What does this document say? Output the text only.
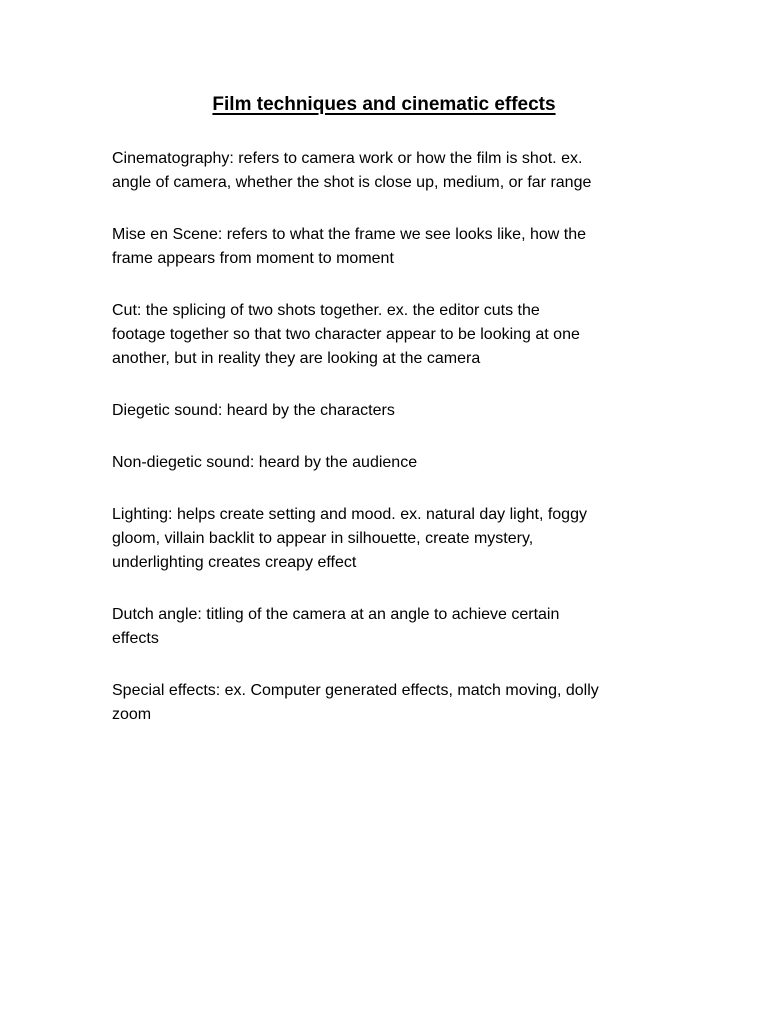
Film techniques and cinematic effects

Cinematography: refers to camera work or how the film is shot. ex.
angle of camera, whether the shot is close up, medium, or far range

Mise en Scene: refers to what the frame we see looks like, how the
frame appears from moment to moment

Cut: the splicing of two shots together. ex. the editor cuts the
footage together so that two character appear to be looking at one
another, but in reality they are looking at the camera

Diegetic sound: heard by the characters

Non-diegetic sound: heard by the audience

Lighting: helps create setting and mood. ex. natural day light, foggy
gloom, villain backlit to appear in silhouette, create mystery,
underlighting creates creapy effect

Dutch angle: titling of the camera at an angle to achieve certain
effects

Special effects: ex. Computer generated effects, match moving, dolly
zoom
